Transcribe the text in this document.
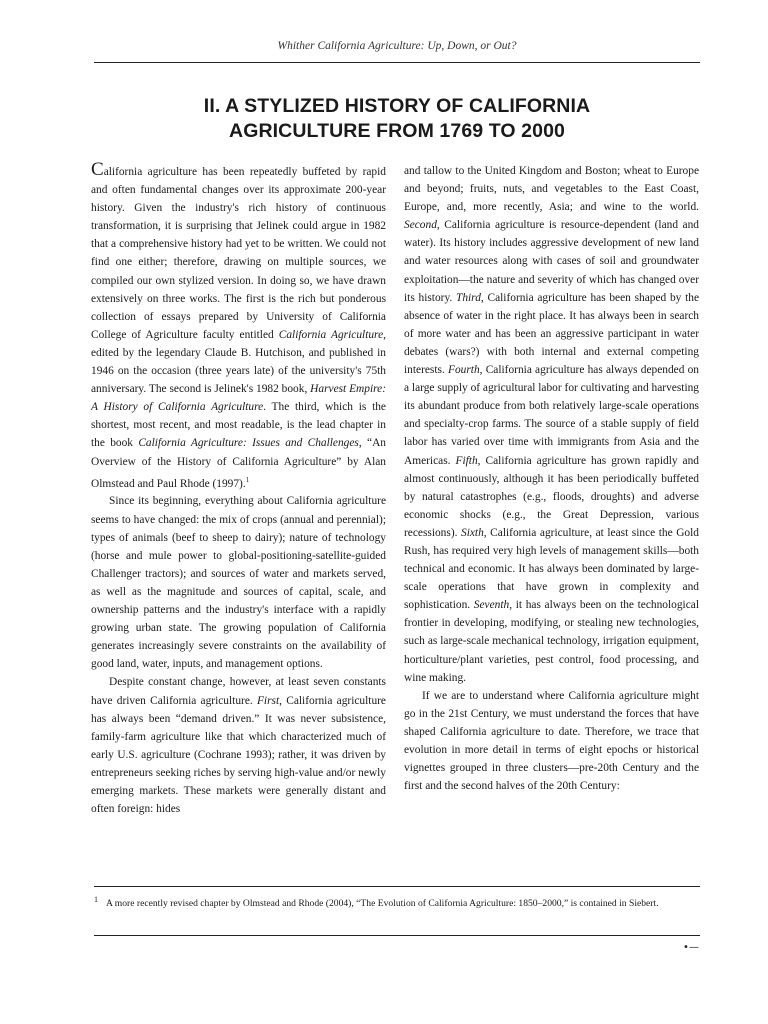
Whither California Agriculture: Up, Down, or Out?
II. A STYLIZED HISTORY OF CALIFORNIA
AGRICULTURE FROM 1769 TO 2000

California agriculture has been repeatedly buffeted by rapid and often fundamental changes over its approximate 200-year history. Given the industry's rich history of continuous transformation, it is surprising that Jelinek could argue in 1982 that a comprehensive history had yet to be written. We could not find one either; therefore, drawing on multiple sources, we compiled our own stylized version. In doing so, we have drawn extensively on three works. The first is the rich but ponderous collection of essays prepared by University of California College of Agriculture faculty entitled California Agriculture, edited by the legendary Claude B. Hutchison, and published in 1946 on the occasion (three years late) of the university's 75th anniversary. The second is Jelinek's 1982 book, Harvest Empire: A History of California Agriculture. The third, which is the shortest, most recent, and most readable, is the lead chapter in the book California Agriculture: Issues and Challenges, “An Overview of the History of California Agriculture” by Alan Olmstead and Paul Rhode (1997).$^1$

Since its beginning, everything about California agriculture seems to have changed: the mix of crops (annual and perennial); types of animals (beef to sheep to dairy); nature of technology (horse and mule power to global-positioning-satellite-guided Challenger tractors); and sources of water and markets served, as well as the magnitude and sources of capital, scale, and ownership patterns and the industry's interface with a rapidly growing urban state. The growing population of California generates increasingly severe constraints on the availability of good land, water, inputs, and management options.

Despite constant change, however, at least seven constants have driven California agriculture. First, California agriculture has always been “demand driven.” It was never subsistence, family-farm agriculture like that which characterized much of early U.S. agriculture (Cochrane 1993); rather, it was driven by entrepreneurs seeking riches by serving high-value and/or newly emerging markets. These markets were generally distant and often foreign: hides

and tallow to the United Kingdom and Boston; wheat to Europe and beyond; fruits, nuts, and vegetables to the East Coast, Europe, and, more recently, Asia; and wine to the world. Second, California agriculture is resource-dependent (land and water). Its history includes aggressive development of new land and water resources along with cases of soil and groundwater exploitation—the nature and severity of which has changed over its history. Third, California agriculture has been shaped by the absence of water in the right place. It has always been in search of more water and has been an aggressive participant in water debates (wars?) with both internal and external competing interests. Fourth, California agriculture has always depended on a large supply of agricultural labor for cultivating and harvesting its abundant produce from both relatively large-scale operations and specialty-crop farms. The source of a stable supply of field labor has varied over time with immigrants from Asia and the Americas. Fifth, California agriculture has grown rapidly and almost continuously, although it has been periodically buffeted by natural catastrophes (e.g., floods, droughts) and adverse economic shocks (e.g., the Great Depression, various recessions). Sixth, California agriculture, at least since the Gold Rush, has required very high levels of management skills—both technical and economic. It has always been dominated by large-scale operations that have grown in complexity and sophistication. Seventh, it has always been on the technological frontier in developing, modifying, or stealing new technologies, such as large-scale mechanical technology, irrigation equipment, horticulture/plant varieties, pest control, food processing, and wine making.

If we are to understand where California agriculture might go in the 21st Century, we must understand the forces that have shaped California agriculture to date. Therefore, we trace that evolution in more detail in terms of eight epochs or historical vignettes grouped in three clusters—pre-20th Century and the first and the second halves of the 20th Century:

$^1$ A more recently revised chapter by Olmstead and Rhode (2004), “The Evolution of California Agriculture: 1850–2000,” is contained in Siebert.
•—
